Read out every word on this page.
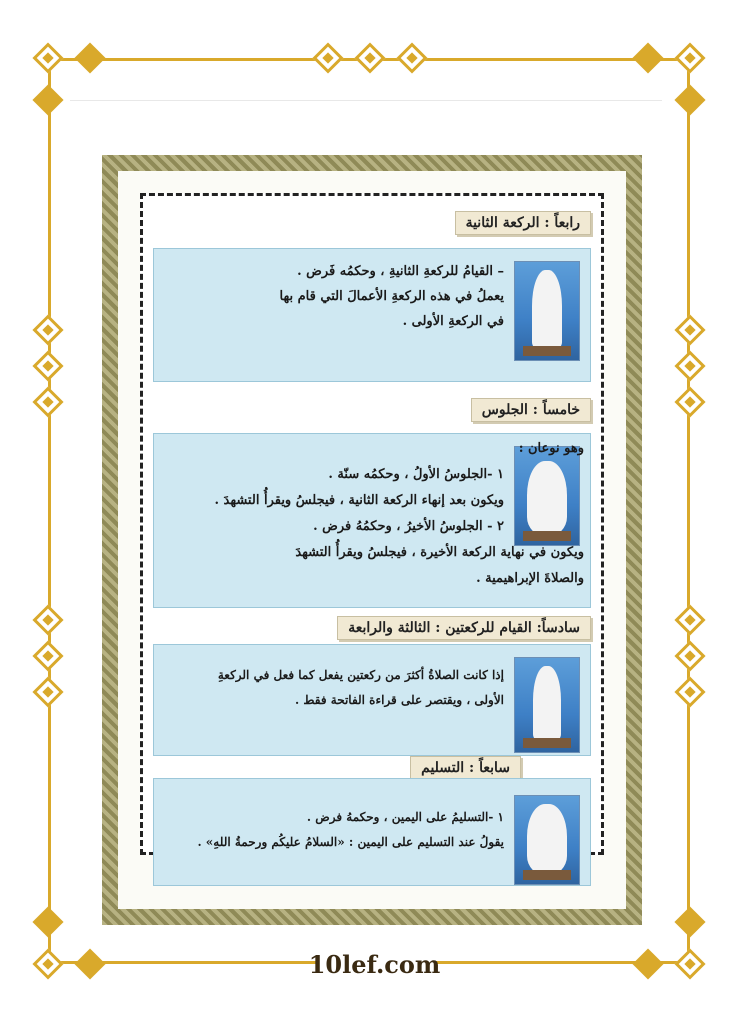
رابعاً : الركعة الثانية
– القيامُ للركعةِ الثانيةِ ، وحكمُه فَرض .
يعملُ في هذه الركعةِ الأعمالَ التي قام بها
في الركعةِ الأولى .
خامساً : الجلوس
وهو نوعان :
١ -الجلوسُ الأولُ ، وحكمُه سنّة .
ويكون بعد إنهاء الركعة الثانية ، فيجلسُ ويقرأُ التشهدَ .
٢ - الجلوسُ الأخيرُ ، وحكمُهُ فرض .
ويكون في نهاية الركعة الأخيرة ، فيجلسُ ويقرأُ التشهدَ
والصلاةَ الإبراهيمية .
سادساً: القيام للركعتين : الثالثة والرابعة
إذا كانت الصلاةُ أكثرَ من ركعتين يفعل كما فعل في الركعةِ
الأولى ، ويقتصر على قراءة الفاتحة فقط .
سابعاً : التسليم
١ -التسليمُ على اليمين ، وحكمهُ فرض .
يقولُ عند التسليم على اليمين : «السلامُ عليكُم ورحمةُ اللهِ» .
10lef.com
